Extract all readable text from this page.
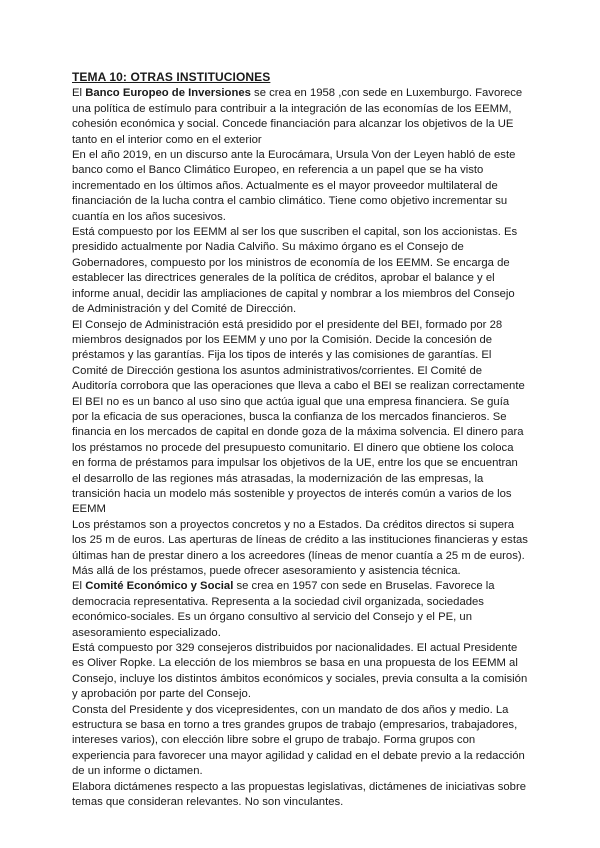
TEMA 10: OTRAS INSTITUCIONES

El Banco Europeo de Inversiones se crea en 1958 ,con sede en Luxemburgo. Favorece una política de estímulo para contribuir a la integración de las economías de los EEMM, cohesión económica y social. Concede financiación para alcanzar los objetivos de la UE tanto en el interior como en el exterior

En el año 2019, en un discurso ante la Eurocámara, Ursula Von der Leyen habló de este banco como el Banco Climático Europeo, en referencia a un papel que se ha visto incrementado en los últimos años. Actualmente es el mayor proveedor multilateral de financiación de la lucha contra el cambio climático. Tiene como objetivo incrementar su cuantía en los años sucesivos.

Está compuesto por los EEMM al ser los que suscriben el capital, son los accionistas. Es presidido actualmente por Nadia Calviño. Su máximo órgano es el Consejo de Gobernadores, compuesto por los ministros de economía de los EEMM. Se encarga de establecer las directrices generales de la política de créditos, aprobar el balance y el informe anual, decidir las ampliaciones de capital y nombrar a los miembros del Consejo de Administración y del Comité de Dirección.

El Consejo de Administración está presidido por el presidente del BEI, formado por 28 miembros designados por los EEMM y uno por la Comisión. Decide la concesión de préstamos y las garantías. Fija los tipos de interés y las comisiones de garantías. El Comité de Dirección gestiona los asuntos administrativos/corrientes. El Comité de Auditoría corrobora que las operaciones que lleva a cabo el BEI se realizan correctamente

El BEI no es un banco al uso sino que actúa igual que una empresa financiera. Se guía por la eficacia de sus operaciones, busca la confianza de los mercados financieros. Se financia en los mercados de capital en donde goza de la máxima solvencia. El dinero para los préstamos no procede del presupuesto comunitario. El dinero que obtiene los coloca en forma de préstamos para impulsar los objetivos de la UE, entre los que se encuentran el desarrollo de las regiones más atrasadas, la modernización de las empresas, la transición hacia un modelo más sostenible y proyectos de interés común a varios de los EEMM

Los préstamos son a proyectos concretos y no a Estados. Da créditos directos si supera los 25 m de euros. Las aperturas de líneas de crédito a las instituciones financieras y estas últimas han de prestar dinero a los acreedores (líneas de menor cuantía a 25 m de euros). Más allá de los préstamos, puede ofrecer asesoramiento y asistencia técnica.

El Comité Económico y Social se crea en 1957 con sede en Bruselas. Favorece la democracia representativa. Representa a la sociedad civil organizada, sociedades económico-sociales. Es un órgano consultivo al servicio del Consejo y el PE, un asesoramiento especializado.

Está compuesto por 329 consejeros distribuidos por nacionalidades. El actual Presidente es Oliver Ropke. La elección de los miembros se basa en una propuesta de los EEMM al Consejo, incluye los distintos ámbitos económicos y sociales, previa consulta a la comisión y aprobación por parte del Consejo.

Consta del Presidente y dos vicepresidentes, con un mandato de dos años y medio. La estructura se basa en torno a tres grandes grupos de trabajo (empresarios, trabajadores, intereses varios), con elección libre sobre el grupo de trabajo. Forma grupos con experiencia para favorecer una mayor agilidad y calidad en el debate previo a la redacción de un informe o dictamen.

Elabora dictámenes respecto a las propuestas legislativas, dictámenes de iniciativas sobre temas que consideran relevantes. No son vinculantes.
